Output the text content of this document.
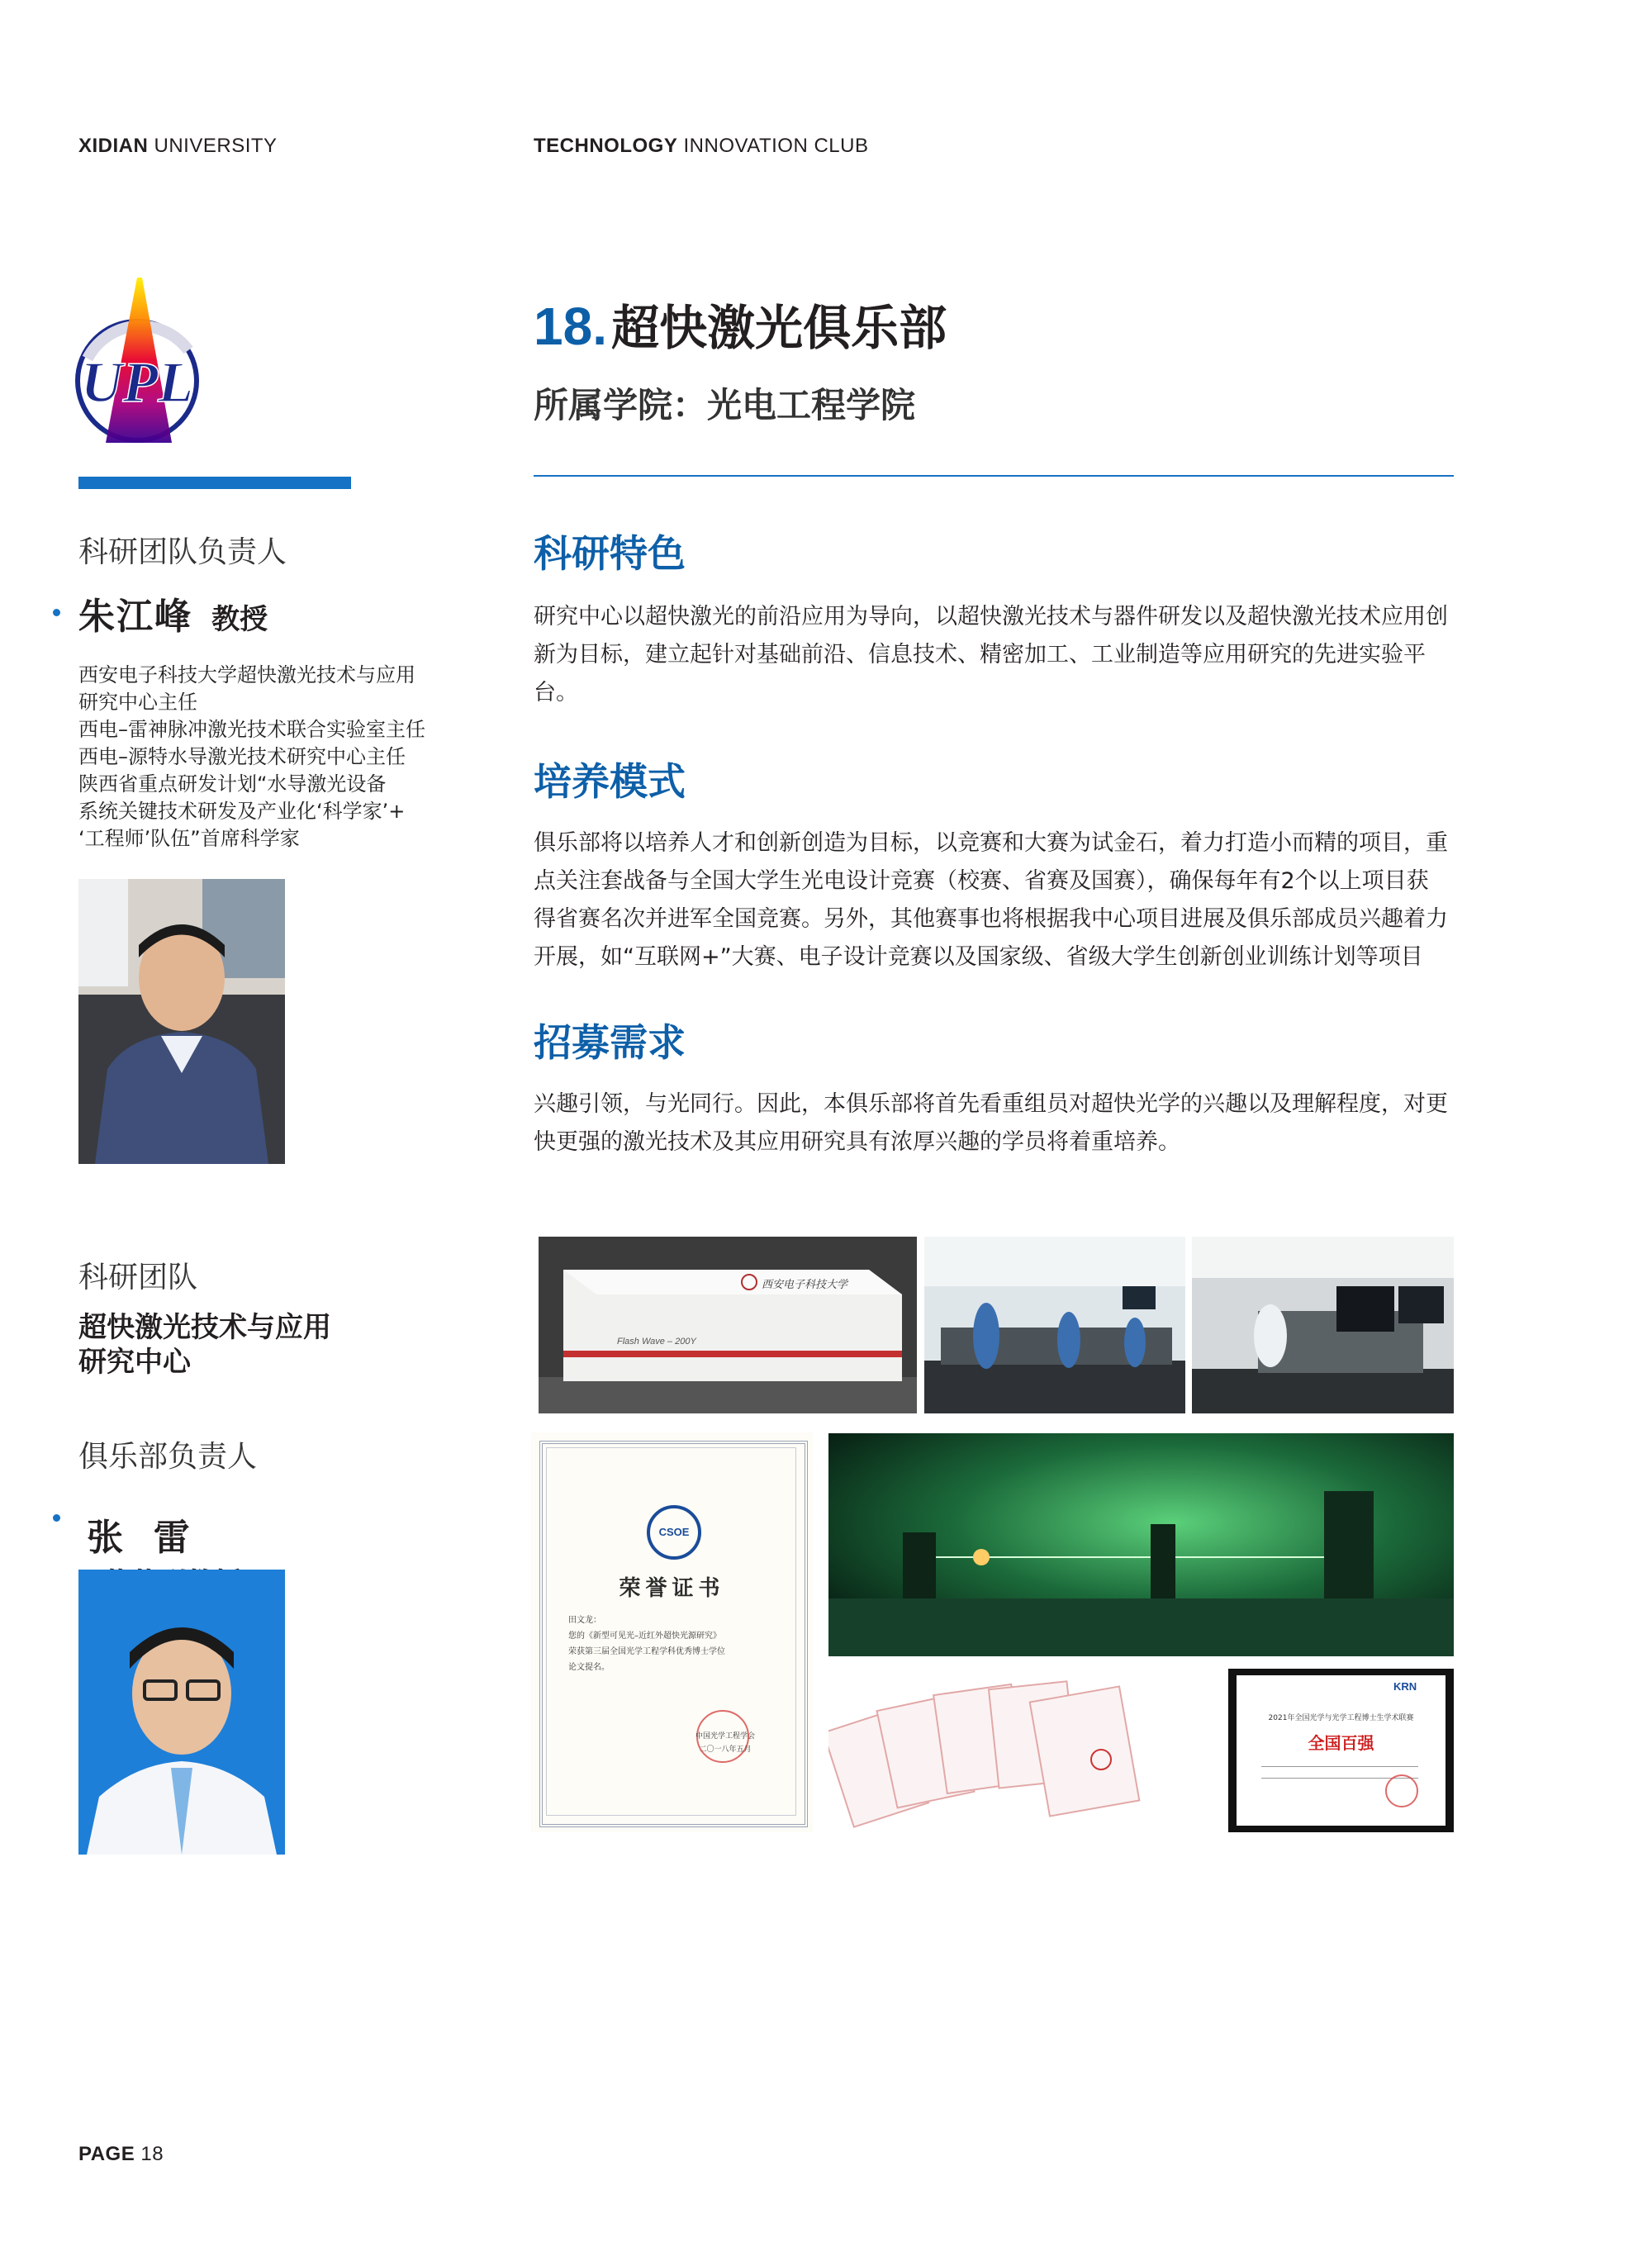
XIDIAN UNIVERSITY	TECHNOLOGY INNOVATION CLUB
UPL
18. 超快激光俱乐部
所属学院：光电工程学院
科研团队负责人
朱江峰 教授
西安电子科技大学超快激光技术与应用
研究中心主任
西电–雷神脉冲激光技术联合实验室主任
西电–源特水导激光技术研究中心主任
陕西省重点研发计划“水导激光设备
系统关键技术研发及产业化‘科学家’+
‘工程师’队伍”首席科学家
科研团队
超快激光技术与应用
研究中心
俱乐部负责人

张  雷

科研特色
研究中心以超快激光的前沿应用为导向，以超快激光技术与器件研发以及超快激光技术应用创
新为目标，建立起针对基础前沿、信息技术、精密加工、工业制造等应用研究的先进实验平
台。
培养模式
俱乐部将以培养人才和创新创造为目标，以竞赛和大赛为试金石，着力打造小而精的项目，重
点关注套战备与全国大学生光电设计竞赛（校赛、省赛及国赛），确保每年有2个以上项目获
得省赛名次并进军全国竞赛。另外，其他赛事也将根据我中心项目进展及俱乐部成员兴趣着力
开展，如“互联网+”大赛、电子设计竞赛以及国家级、省级大学生创新创业训练计划等项目
招募需求
兴趣引领，与光同行。因此，本俱乐部将首先看重组员对超快光学的兴趣以及理解程度，对更
快更强的激光技术及其应用研究具有浓厚兴趣的学员将着重培养。
西安电子科技大学
Flash Wave – 200Y
CSOE
荣誉证书
田文龙：
您的《新型可见光–近红外超快光源研究》
荣获第三届全国光学工程学科优秀博士学位
论文提名。
中国光学工程学会
二〇一八年五月
KRN
2021年全国光学与光学工程博士生学术联赛
全国百强
PAGE 18
